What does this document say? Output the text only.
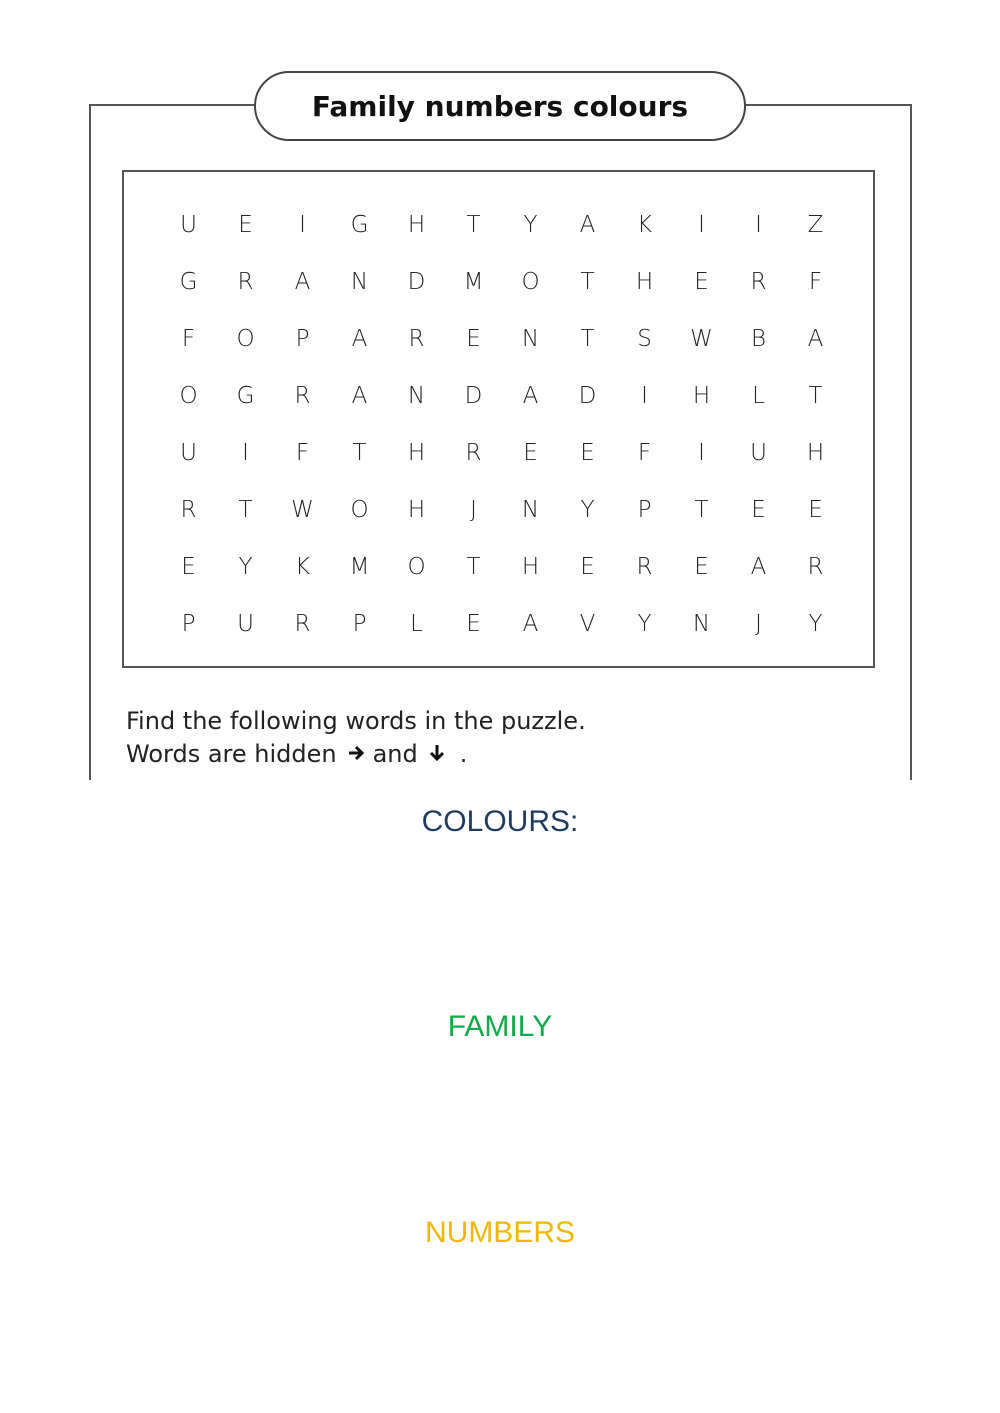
Family numbers colours
U	E	I	G	H	T	Y	A	K	I	I	Z
G	R	A	N	D	M	O	T	H	E	R	F
F	O	P	A	R	E	N	T	S	W	B	A
O	G	R	A	N	D	A	D	I	H	L	T
U	I	F	T	H	R	E	E	F	I	U	H
R	T	W	O	H	J	N	Y	P	T	E	E
E	Y	K	M	O	T	H	E	R	E	A	R
P	U	R	P	L	E	A	V	Y	N	J	Y
Find the following words in the puzzle.
Words are hidden and .
COLOURS:
FAMILY
NUMBERS
